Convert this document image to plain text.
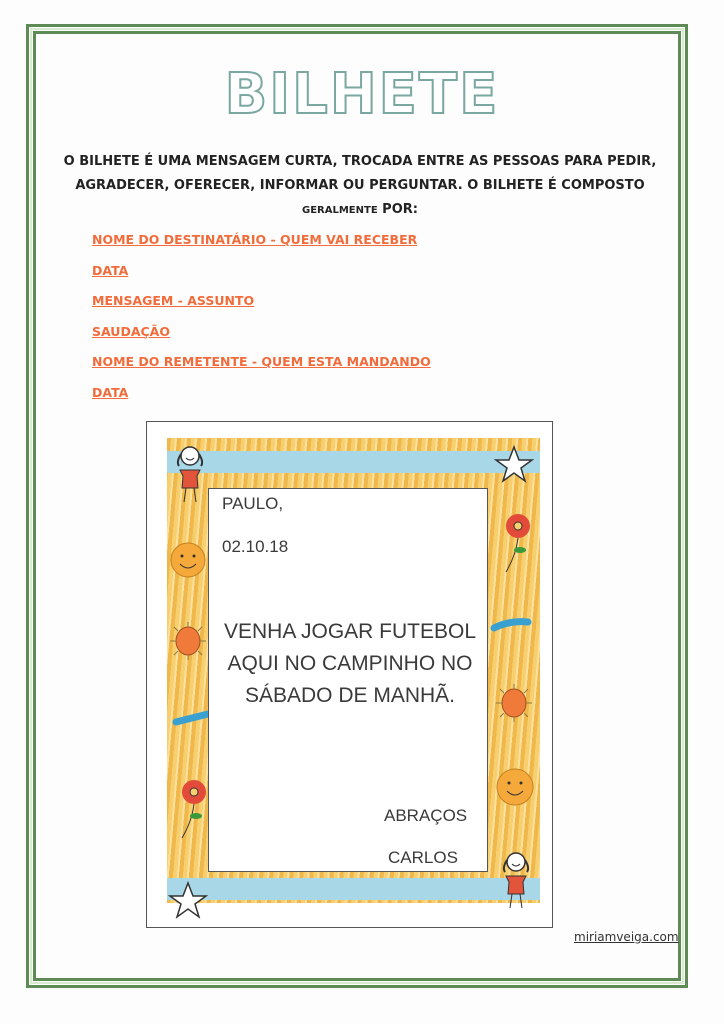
BILHETE
O BILHETE É UMA MENSAGEM CURTA, TROCADA ENTRE AS PESSOAS PARA PEDIR,
AGRADECER, OFERECER, INFORMAR OU PERGUNTAR. O BILHETE É COMPOSTO
GERALMENTE POR:
NOME DO DESTINATÁRIO - QUEM VAI RECEBER
DATA
MENSAGEM - ASSUNTO
SAUDAÇÃO
NOME DO REMETENTE - QUEM ESTA MANDANDO
DATA
PAULO,
02.10.18
VENHA JOGAR FUTEBOL
AQUI NO CAMPINHO NO
SÁBADO DE MANHÃ.
ABRAÇOS
CARLOS
miriamveiga.com
